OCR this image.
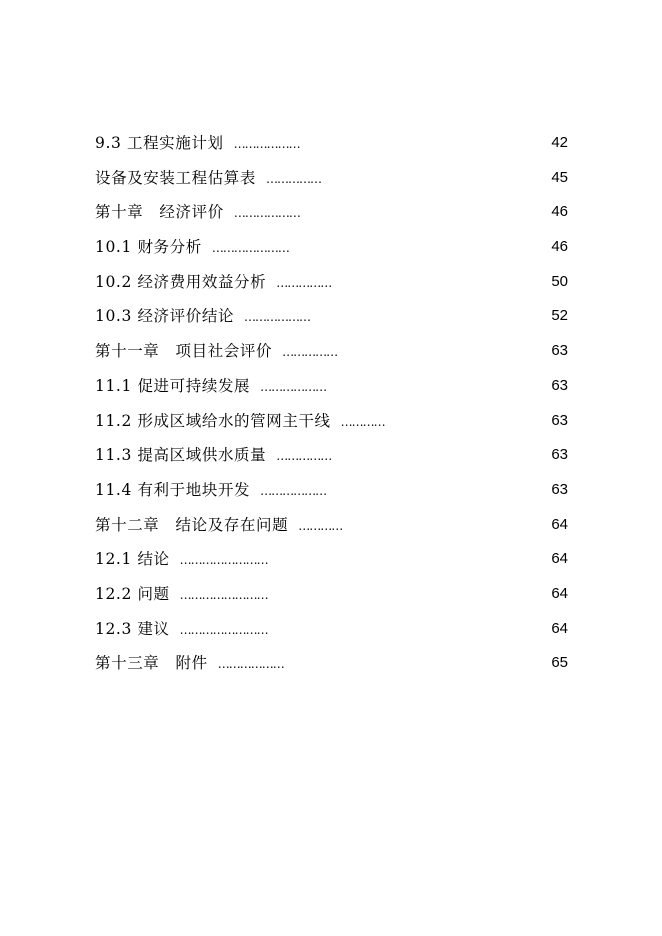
9.3 工程实施计划 ………………	42
设备及安装工程估算表 ……………	45
第十章　经济评价 ………………	46
10.1 财务分析 …………………	46
10.2 经济费用效益分析 ……………	50
10.3 经济评价结论 ………………	52
第十一章　项目社会评价 ……………	63
11.1 促进可持续发展 ………………	63
11.2 形成区域给水的管网主干线 …………	63
11.3 提高区域供水质量 ……………	63
11.4 有利于地块开发 ………………	63
第十二章　结论及存在问题 …………	64
12.1 结论 ……………………	64
12.2 问题 ……………………	64
12.3 建议 ……………………	64
第十三章　附件 ………………	65
